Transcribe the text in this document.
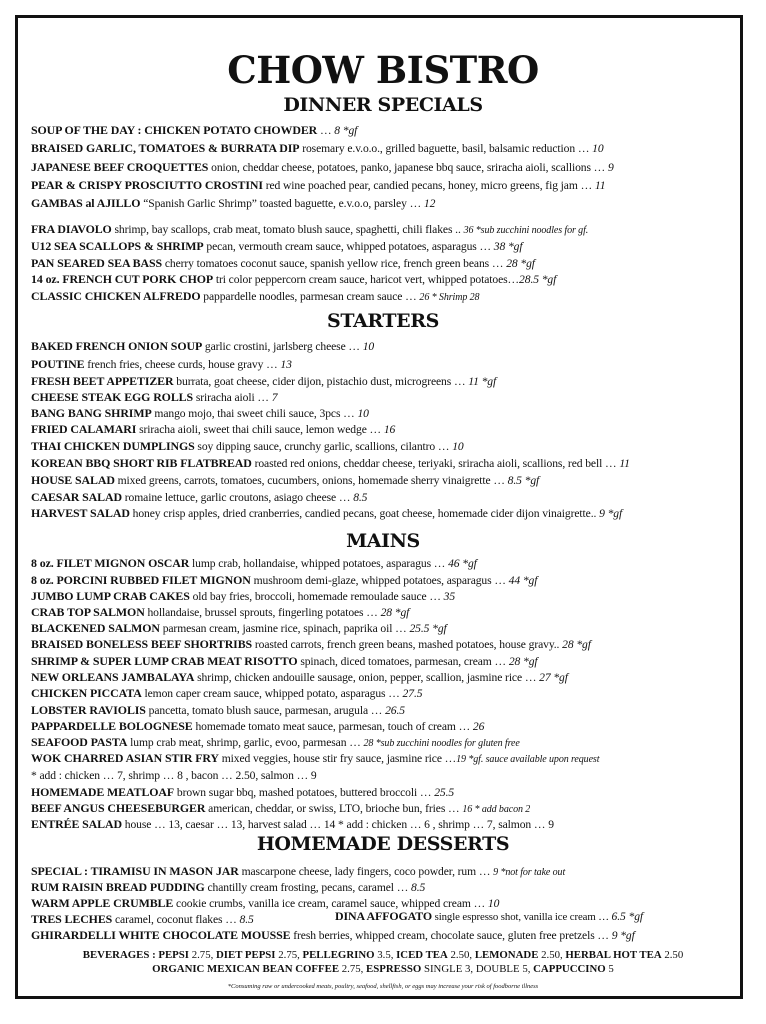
CHOW BISTRO
DINNER SPECIALS
SOUP OF THE DAY : CHICKEN POTATO CHOWDER … 8 *gf
BRAISED GARLIC, TOMATOES & BURRATA DIP rosemary e.v.o.o., grilled baguette, basil, balsamic reduction … 10
JAPANESE BEEF CROQUETTES onion, cheddar cheese, potatoes, panko, japanese bbq sauce, sriracha aioli, scallions … 9
PEAR & CRISPY PROSCIUTTO CROSTINI red wine poached pear, candied pecans, honey, micro greens, fig jam … 11
GAMBAS al AJILLO “Spanish Garlic Shrimp” toasted baguette, e.v.o.o, parsley … 12
FRA DIAVOLO shrimp, bay scallops, crab meat, tomato blush sauce, spaghetti, chili flakes .. 36 *sub zucchini noodles for gf.
U12 SEA SCALLOPS & SHRIMP pecan, vermouth cream sauce, whipped potatoes, asparagus … 38 *gf
PAN SEARED SEA BASS cherry tomatoes coconut sauce, spanish yellow rice, french green beans … 28 *gf
14 oz. FRENCH CUT PORK CHOP tri color peppercorn cream sauce, haricot vert, whipped potatoes…28.5 *gf
CLASSIC CHICKEN ALFREDO pappardelle noodles, parmesan cream sauce … 26 * Shrimp 28
STARTERS
BAKED FRENCH ONION SOUP garlic crostini, jarlsberg cheese … 10
POUTINE french fries, cheese curds, house gravy … 13
FRESH BEET APPETIZER burrata, goat cheese, cider dijon, pistachio dust, microgreens … 11 *gf
CHEESE STEAK EGG ROLLS sriracha aioli … 7
BANG BANG SHRIMP mango mojo, thai sweet chili sauce, 3pcs … 10
FRIED CALAMARI sriracha aioli, sweet thai chili sauce, lemon wedge … 16
THAI CHICKEN DUMPLINGS soy dipping sauce, crunchy garlic, scallions, cilantro … 10
KOREAN BBQ SHORT RIB FLATBREAD roasted red onions, cheddar cheese, teriyaki, sriracha aioli, scallions, red bell … 11
HOUSE SALAD mixed greens, carrots, tomatoes, cucumbers, onions, homemade sherry vinaigrette … 8.5 *gf
CAESAR SALAD romaine lettuce, garlic croutons, asiago cheese … 8.5
HARVEST SALAD honey crisp apples, dried cranberries, candied pecans, goat cheese, homemade cider dijon vinaigrette.. 9 *gf
MAINS
8 oz. FILET MIGNON OSCAR lump crab, hollandaise, whipped potatoes, asparagus … 46 *gf
8 oz. PORCINI RUBBED FILET MIGNON mushroom demi-glaze, whipped potatoes, asparagus … 44 *gf
JUMBO LUMP CRAB CAKES old bay fries, broccoli, homemade remoulade sauce … 35
CRAB TOP SALMON hollandaise, brussel sprouts, fingerling potatoes … 28 *gf
BLACKENED SALMON parmesan cream, jasmine rice, spinach, paprika oil … 25.5 *gf
BRAISED BONELESS BEEF SHORTRIBS roasted carrots, french green beans, mashed potatoes, house gravy.. 28 *gf
SHRIMP & SUPER LUMP CRAB MEAT RISOTTO spinach, diced tomatoes, parmesan, cream … 28 *gf
NEW ORLEANS JAMBALAYA shrimp, chicken andouille sausage, onion, pepper, scallion, jasmine rice … 27 *gf
CHICKEN PICCATA lemon caper cream sauce, whipped potato, asparagus … 27.5
LOBSTER RAVIOLIS pancetta, tomato blush sauce, parmesan, arugula … 26.5
PAPPARDELLE BOLOGNESE homemade tomato meat sauce, parmesan, touch of cream … 26
SEAFOOD PASTA lump crab meat, shrimp, garlic, evoo, parmesan … 28 *sub zucchini noodles for gluten free
WOK CHARRED ASIAN STIR FRY mixed veggies, house stir fry sauce, jasmine rice …19 *gf. sauce available upon request
* add : chicken … 7, shrimp … 8 , bacon … 2.50, salmon … 9
HOMEMADE MEATLOAF brown sugar bbq, mashed potatoes, buttered broccoli … 25.5
BEEF ANGUS CHEESEBURGER american, cheddar, or swiss, LTO, brioche bun, fries … 16 * add bacon 2
ENTRÉE SALAD house … 13, caesar … 13, harvest salad … 14 * add : chicken … 6 , shrimp … 7, salmon … 9
HOMEMADE DESSERTS
SPECIAL : TIRAMISU IN MASON JAR mascarpone cheese, lady fingers, coco powder, rum … 9 *not for take out
RUM RAISIN BREAD PUDDING chantilly cream frosting, pecans, caramel … 8.5
WARM APPLE CRUMBLE cookie crumbs, vanilla ice cream, caramel sauce, whipped cream … 10
TRES LECHES caramel, coconut flakes … 8.5
GHIRARDELLI WHITE CHOCOLATE MOUSSE fresh berries, whipped cream, chocolate sauce, gluten free pretzels … 9 *gf
DINA AFFOGATO single espresso shot, vanilla ice cream … 6.5 *gf
BEVERAGES : PEPSI 2.75, DIET PEPSI 2.75, PELLEGRINO 3.5, ICED TEA 2.50, LEMONADE 2.50, HERBAL HOT TEA 2.50
ORGANIC MEXICAN BEAN COFFEE 2.75, ESPRESSO SINGLE 3, DOUBLE 5, CAPPUCCINO 5
*Consuming raw or undercooked meats, poultry, seafood, shellfish, or eggs may increase your risk of foodborne illness
